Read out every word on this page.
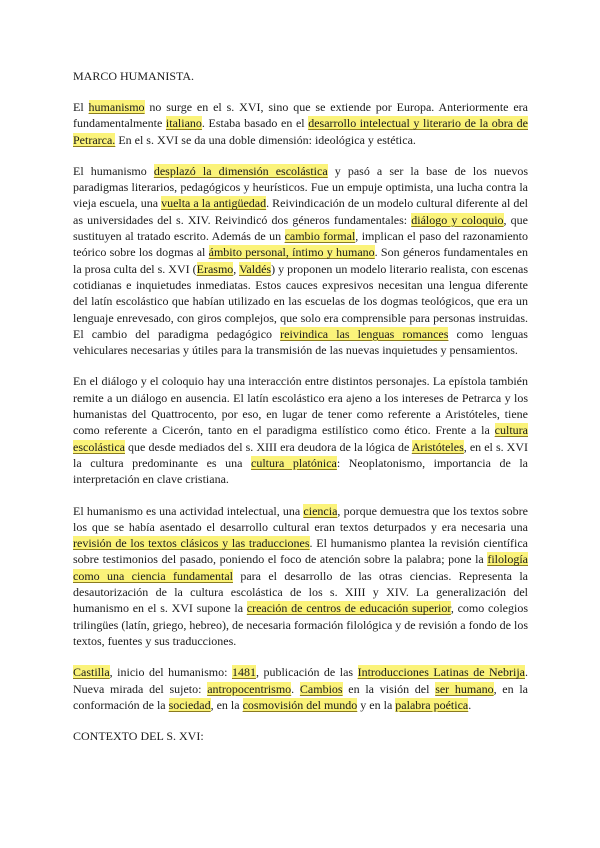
MARCO HUMANISTA.

El humanismo no surge en el s. XVI, sino que se extiende por Europa. Anteriormente era fundamentalmente italiano. Estaba basado en el desarrollo intelectual y literario de la obra de Petrarca. En el s. XVI se da una doble dimensión: ideológica y estética.

El humanismo desplazó la dimensión escolástica y pasó a ser la base de los nuevos paradigmas literarios, pedagógicos y heurísticos. Fue un empuje optimista, una lucha contra la vieja escuela, una vuelta a la antigüedad. Reivindicación de un modelo cultural diferente al del as universidades del s. XIV. Reivindicó dos géneros fundamentales: diálogo y coloquio, que sustituyen al tratado escrito. Además de un cambio formal, implican el paso del razonamiento teórico sobre los dogmas al ámbito personal, íntimo y humano. Son géneros fundamentales en la prosa culta del s. XVI (Erasmo, Valdés) y proponen un modelo literario realista, con escenas cotidianas e inquietudes inmediatas. Estos cauces expresivos necesitan una lengua diferente del latín escolástico que habían utilizado en las escuelas de los dogmas teológicos, que era un lenguaje enrevesado, con giros complejos, que solo era comprensible para personas instruidas. El cambio del paradigma pedagógico reivindica las lenguas romances como lenguas vehiculares necesarias y útiles para la transmisión de las nuevas inquietudes y pensamientos.

En el diálogo y el coloquio hay una interacción entre distintos personajes. La epístola también remite a un diálogo en ausencia. El latín escolástico era ajeno a los intereses de Petrarca y los humanistas del Quattrocento, por eso, en lugar de tener como referente a Aristóteles, tiene como referente a Cicerón, tanto en el paradigma estilístico como ético. Frente a la cultura escolástica que desde mediados del s. XIII era deudora de la lógica de Aristóteles, en el s. XVI la cultura predominante es una cultura platónica: Neoplatonismo, importancia de la interpretación en clave cristiana.

El humanismo es una actividad intelectual, una ciencia, porque demuestra que los textos sobre los que se había asentado el desarrollo cultural eran textos deturpados y era necesaria una revisión de los textos clásicos y las traducciones. El humanismo plantea la revisión científica sobre testimonios del pasado, poniendo el foco de atención sobre la palabra; pone la filología como una ciencia fundamental para el desarrollo de las otras ciencias. Representa la desautorización de la cultura escolástica de los s. XIII y XIV. La generalización del humanismo en el s. XVI supone la creación de centros de educación superior, como colegios trilingües (latín, griego, hebreo), de necesaria formación filológica y de revisión a fondo de los textos, fuentes y sus traducciones.

Castilla, inicio del humanismo: 1481, publicación de las Introducciones Latinas de Nebrija. Nueva mirada del sujeto: antropocentrismo. Cambios en la visión del ser humano, en la conformación de la sociedad, en la cosmovisión del mundo y en la palabra poética.

CONTEXTO DEL S. XVI:
